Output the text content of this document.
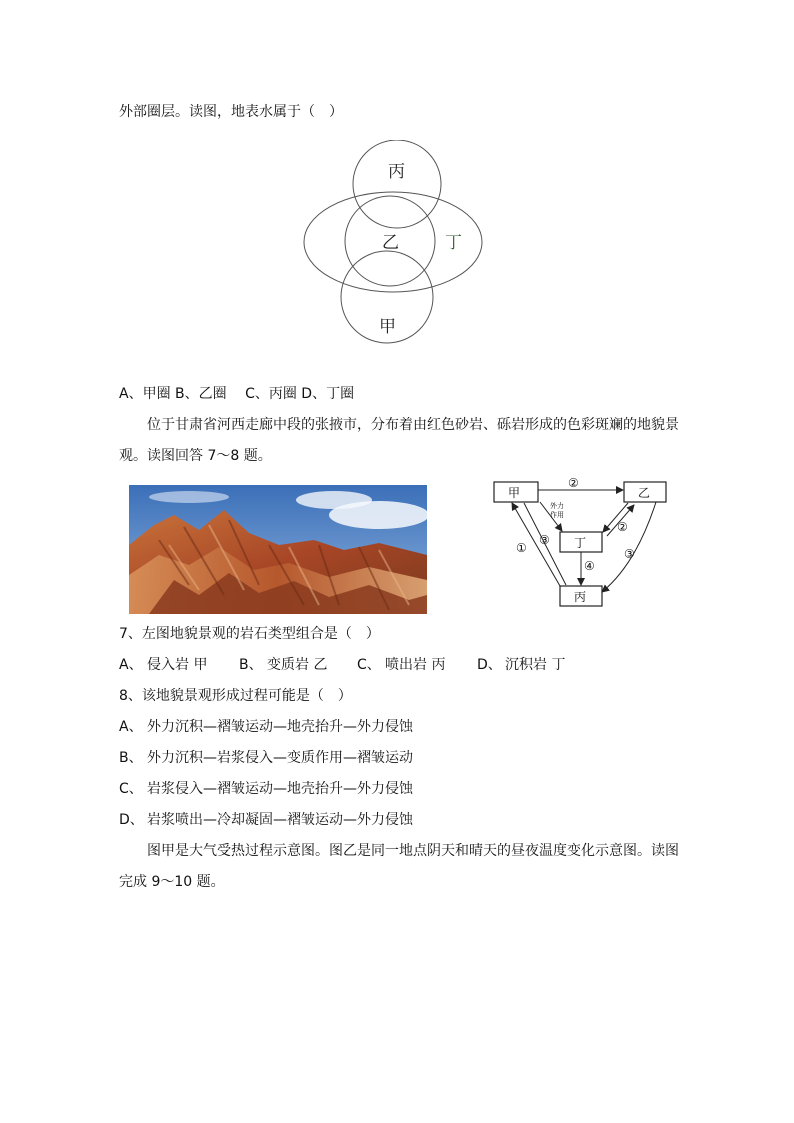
外部圈层。读图，地表水属于（　）
丙
乙	丁
甲
A、甲圈 B、乙圈　 C、丙圈 D、丁圈
位于甘肃省河西走廊中段的张掖市，分布着由红色砂岩、砾岩形成的色彩斑斓的地貌景
观。读图回答 7～8 题。
甲	乙
丁
丙
②
外力
作用
③
②
③
④
①
7、左图地貌景观的岩石类型组合是（　）
A、 侵入岩 甲 B、 变质岩 乙 C、 喷出岩 丙 D、 沉积岩 丁
8、该地貌景观形成过程可能是（　）
A、 外力沉积—褶皱运动—地壳抬升—外力侵蚀
B、 外力沉积—岩浆侵入—变质作用—褶皱运动
C、 岩浆侵入—褶皱运动—地壳抬升—外力侵蚀
D、 岩浆喷出—冷却凝固—褶皱运动—外力侵蚀
图甲是大气受热过程示意图。图乙是同一地点阴天和晴天的昼夜温度变化示意图。读图
完成 9～10 题。
